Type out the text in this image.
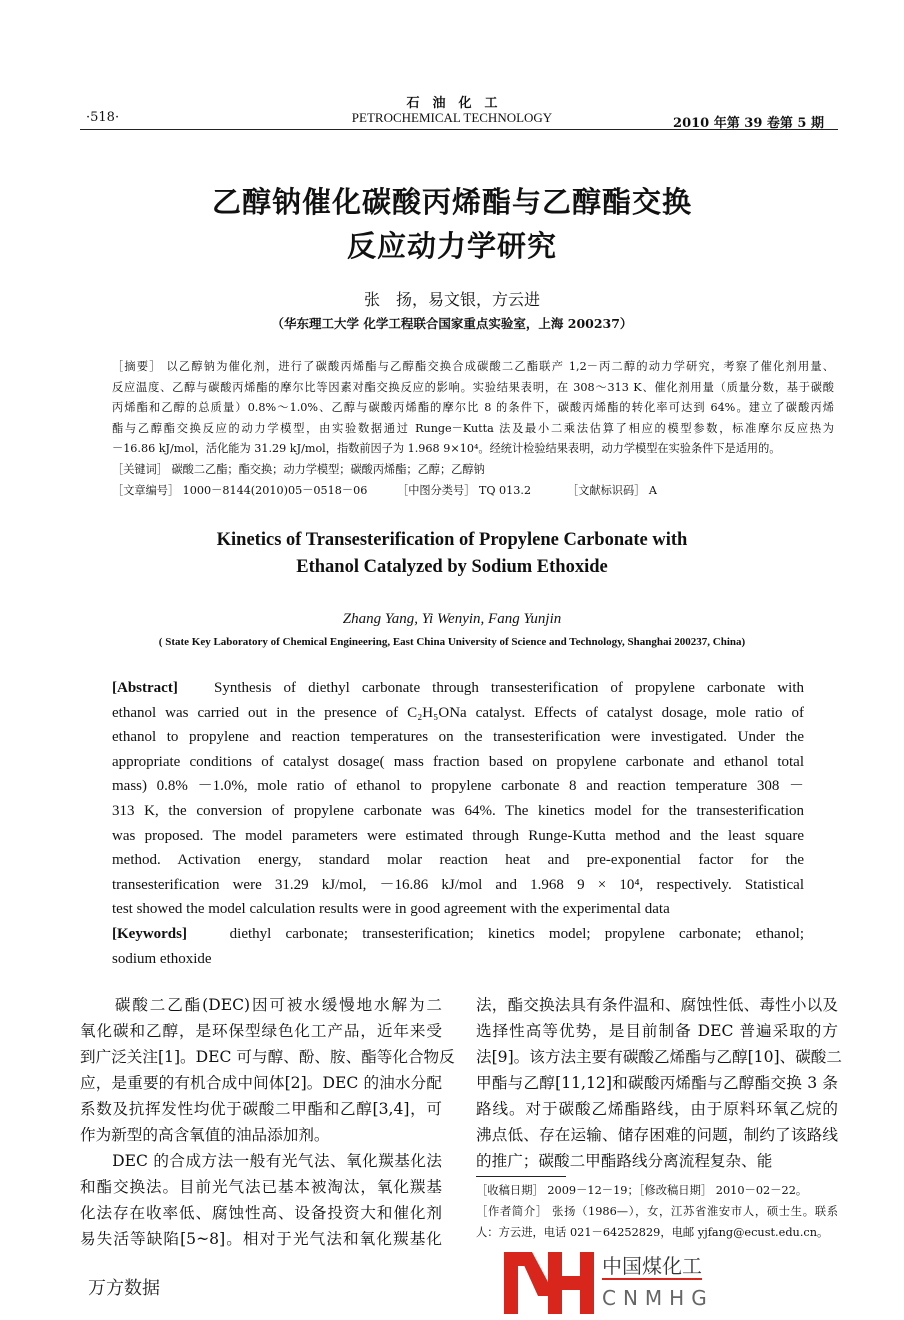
·518·
石　油　化　工
PETROCHEMICAL TECHNOLOGY	2010 年第 39 卷第 5 期
乙醇钠催化碳酸丙烯酯与乙醇酯交换
反应动力学研究
张　扬，易文银，方云进
（华东理工大学 化学工程联合国家重点实验室，上海 200237）
［摘要］ 以乙醇钠为催化剂，进行了碳酸丙烯酯与乙醇酯交换合成碳酸二乙酯联产 1,2－丙二醇的动力学研究，考察了催化剂用量、
反应温度、乙醇与碳酸丙烯酯的摩尔比等因素对酯交换反应的影响。实验结果表明，在 308～313 K、催化剂用量（质量分数，基于碳酸
丙烯酯和乙醇的总质量）0.8%～1.0%、乙醇与碳酸丙烯酯的摩尔比 8 的条件下，碳酸丙烯酯的转化率可达到 64%。建立了碳酸丙烯
酯与乙醇酯交换反应的动力学模型，由实验数据通过 Runge－Kutta 法及最小二乘法估算了相应的模型参数，标准摩尔反应热为
－16.86 kJ/mol，活化能为 31.29 kJ/mol，指数前因子为 1.968 9×10⁴。经统计检验结果表明，动力学模型在实验条件下是适用的。
［关键词］ 碳酸二乙酯；酯交换；动力学模型；碳酸丙烯酯；乙醇；乙醇钠
［文章编号］ 1000－8144(2010)05－0518－06	［中图分类号］ TQ 013.2	［文献标识码］ A
Kinetics of Transesterification of Propylene Carbonate with
Ethanol Catalyzed by Sodium Ethoxide
Zhang Yang, Yi Wenyin, Fang Yunjin
( State Key Laboratory of Chemical Engineering, East China University of Science and Technology, Shanghai 200237, China)
[Abstract] Synthesis of diethyl carbonate through transesterification of propylene carbonate with
ethanol was carried out in the presence of C₂H₅ONa catalyst. Effects of catalyst dosage, mole ratio of
ethanol to propylene and reaction temperatures on the transesterification were investigated. Under the
appropriate conditions of catalyst dosage( mass fraction based on propylene carbonate and ethanol total
mass) 0.8% －1.0%, mole ratio of ethanol to propylene carbonate 8 and reaction temperature 308 －
313 K, the conversion of propylene carbonate was 64%. The kinetics model for the transesterification
was proposed. The model parameters were estimated through Runge-Kutta method and the least square
method. Activation energy, standard molar reaction heat and pre-exponential factor for the
transesterification were 31.29 kJ/mol, －16.86 kJ/mol and 1.968 9 × 10⁴, respectively. Statistical
test showed the model calculation results were in good agreement with the experimental data
[Keywords]	diethyl carbonate; transesterification; kinetics model; propylene carbonate; ethanol;
sodium ethoxide
　　碳酸二乙酯(DEC)因可被水缓慢地水解为二
氧化碳和乙醇，是环保型绿色化工产品，近年来受
到广泛关注[1]。DEC 可与醇、酚、胺、酯等化合物反
应，是重要的有机合成中间体[2]。DEC 的油水分配
系数及抗挥发性均优于碳酸二甲酯和乙醇[3,4]，可
作为新型的高含氧值的油品添加剂。
　　DEC 的合成方法一般有光气法、氧化羰基化法
和酯交换法。目前光气法已基本被淘汰，氧化羰基
化法存在收率低、腐蚀性高、设备投资大和催化剂
易失活等缺陷[5~8]。相对于光气法和氧化羰基化
法，酯交换法具有条件温和、腐蚀性低、毒性小以及
选择性高等优势，是目前制备 DEC 普遍采取的方
法[9]。该方法主要有碳酸乙烯酯与乙醇[10]、碳酸二
甲酯与乙醇[11,12]和碳酸丙烯酯与乙醇酯交换 3 条
路线。对于碳酸乙烯酯路线，由于原料环氧乙烷的
沸点低、存在运输、储存困难的问题，制约了该路线
的推广；碳酸二甲酯路线分离流程复杂、能
［收稿日期］ 2009－12－19；［修改稿日期］ 2010－02－22。
［作者简介］ 张扬（1986—），女，江苏省淮安市人，硕士生。联系
人：方云进，电话 021－64252829，电邮 yjfang@ecust.edu.cn。
中国煤化工
CNMHG
万方数据
